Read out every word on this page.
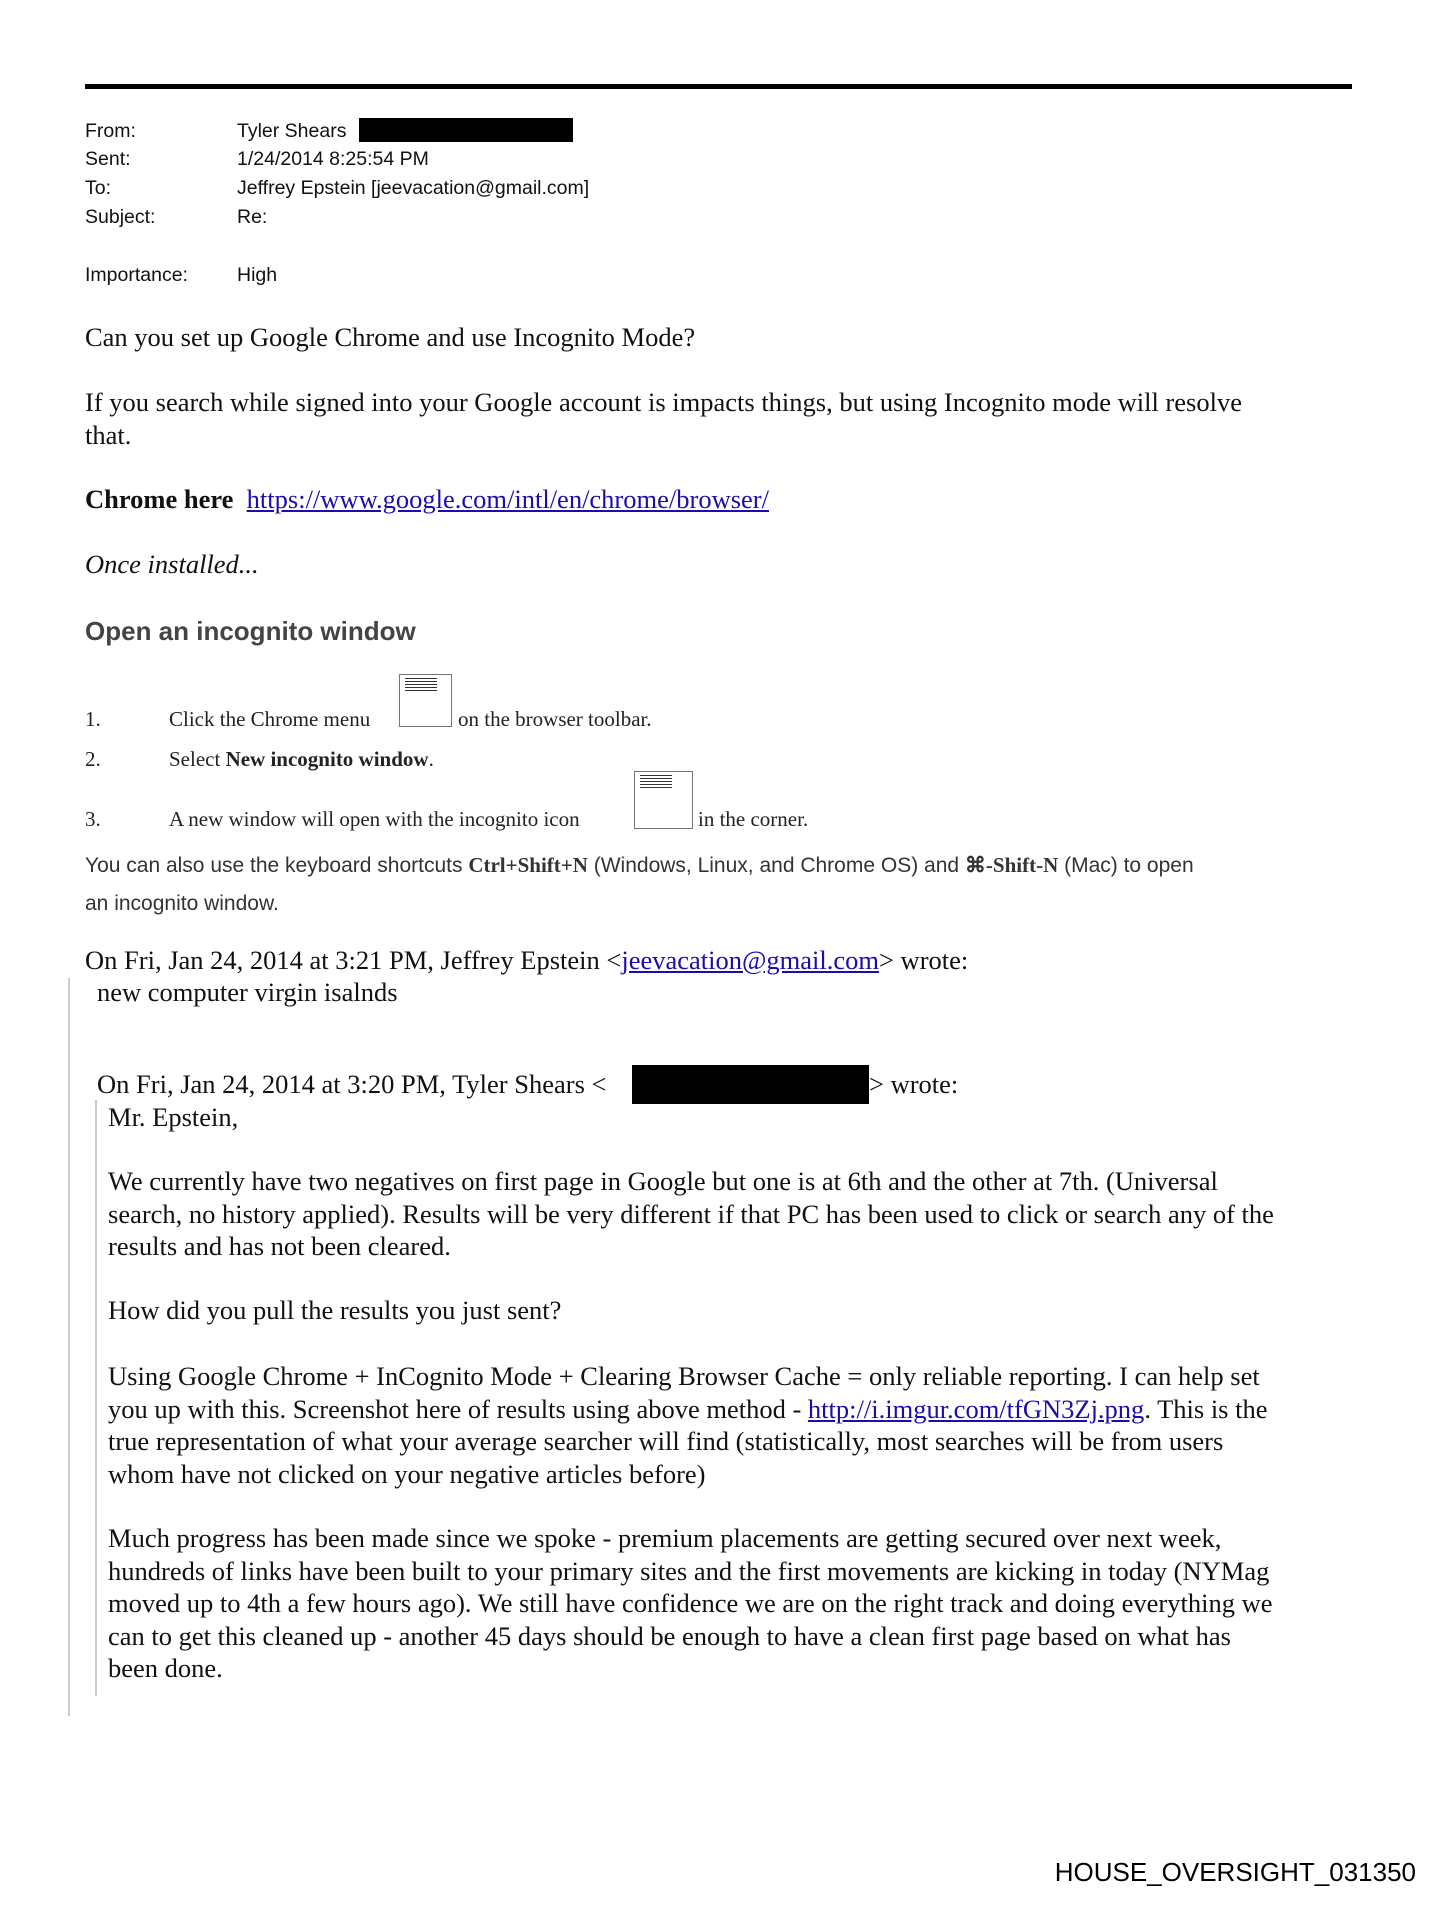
From:	Tyler Shears
Sent:	1/24/2014 8:25:54 PM
To:	Jeffrey Epstein [jeevacation@gmail.com]
Subject:	Re:
Importance:	High
Can you set up Google Chrome and use Incognito Mode?
If you search while signed into your Google account is impacts things, but using Incognito mode will resolve
that.
Chrome here https://www.google.com/intl/en/chrome/browser/
Once installed...
Open an incognito window
1.	Click the Chrome menu	on the browser toolbar.
2.	Select New incognito window.
3.	A new window will open with the incognito icon	in the corner.
You can also use the keyboard shortcuts Ctrl+Shift+N (Windows, Linux, and Chrome OS) and ⌘-Shift-N (Mac) to open
an incognito window.
On Fri, Jan 24, 2014 at 3:21 PM, Jeffrey Epstein <jeevacation@gmail.com> wrote:
new computer virgin isalnds
On Fri, Jan 24, 2014 at 3:20 PM, Tyler Shears <	> wrote:
Mr. Epstein,
We currently have two negatives on first page in Google but one is at 6th and the other at 7th. (Universal
search, no history applied). Results will be very different if that PC has been used to click or search any of the
results and has not been cleared.
How did you pull the results you just sent?
Using Google Chrome + InCognito Mode + Clearing Browser Cache = only reliable reporting. I can help set
you up with this. Screenshot here of results using above method - http://i.imgur.com/tfGN3Zj.png. This is the
true representation of what your average searcher will find (statistically, most searches will be from users
whom have not clicked on your negative articles before)
Much progress has been made since we spoke - premium placements are getting secured over next week,
hundreds of links have been built to your primary sites and the first movements are kicking in today (NYMag
moved up to 4th a few hours ago). We still have confidence we are on the right track and doing everything we
can to get this cleaned up - another 45 days should be enough to have a clean first page based on what has
been done.
HOUSE_OVERSIGHT_031350
